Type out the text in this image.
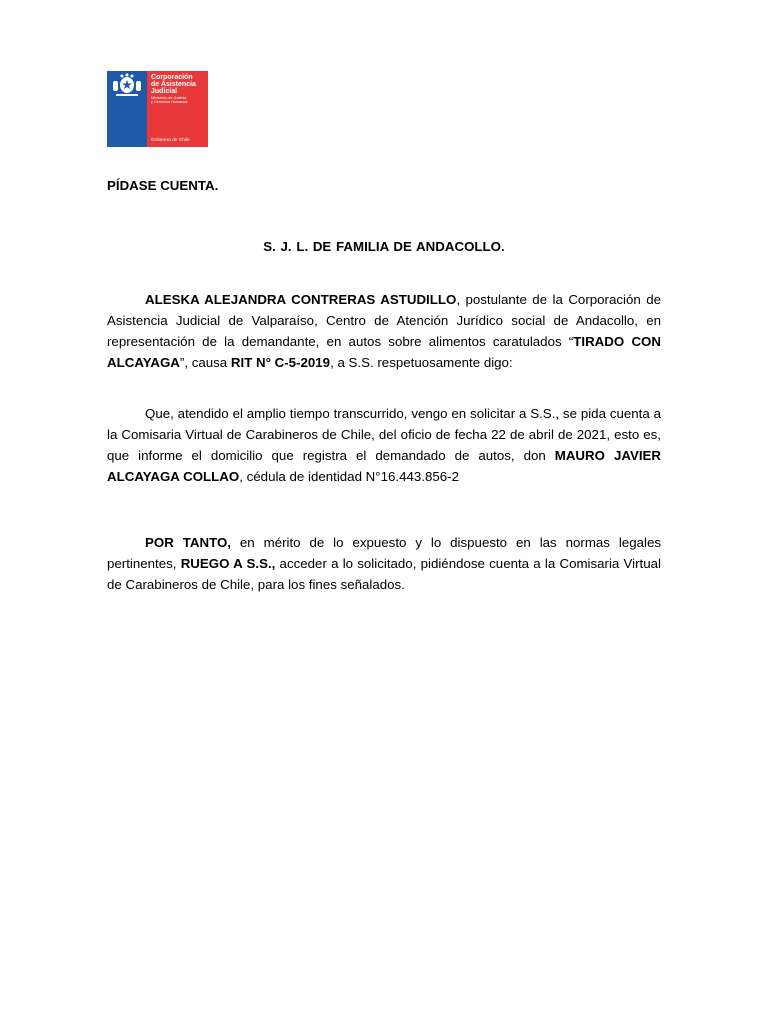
Corporación
de Asistencia
Judicial
Ministerio de Justicia
y Derechos Humanos
Gobierno de Chile
PÍDASE CUENTA.
S. J. L. DE FAMILIA DE ANDACOLLO.
ALESKA ALEJANDRA CONTRERAS ASTUDILLO, postulante de la Corporación de Asistencia Judicial de Valparaíso, Centro de Atención Jurídico social de Andacollo, en representación de la demandante, en autos sobre alimentos caratulados “TIRADO CON ALCAYAGA”, causa RIT N° C-5-2019, a S.S. respetuosamente digo:
Que, atendido el amplio tiempo transcurrido, vengo en solicitar a S.S., se pida cuenta a la Comisaria Virtual de Carabineros de Chile, del oficio de fecha 22 de abril de 2021, esto es, que informe el domicilio que registra el demandado de autos, don MAURO JAVIER ALCAYAGA COLLAO, cédula de identidad N°16.443.856-2
POR TANTO, en mérito de lo expuesto y lo dispuesto en las normas legales pertinentes, RUEGO A S.S., acceder a lo solicitado, pidiéndose cuenta a la Comisaria Virtual de Carabineros de Chile, para los fines señalados.
